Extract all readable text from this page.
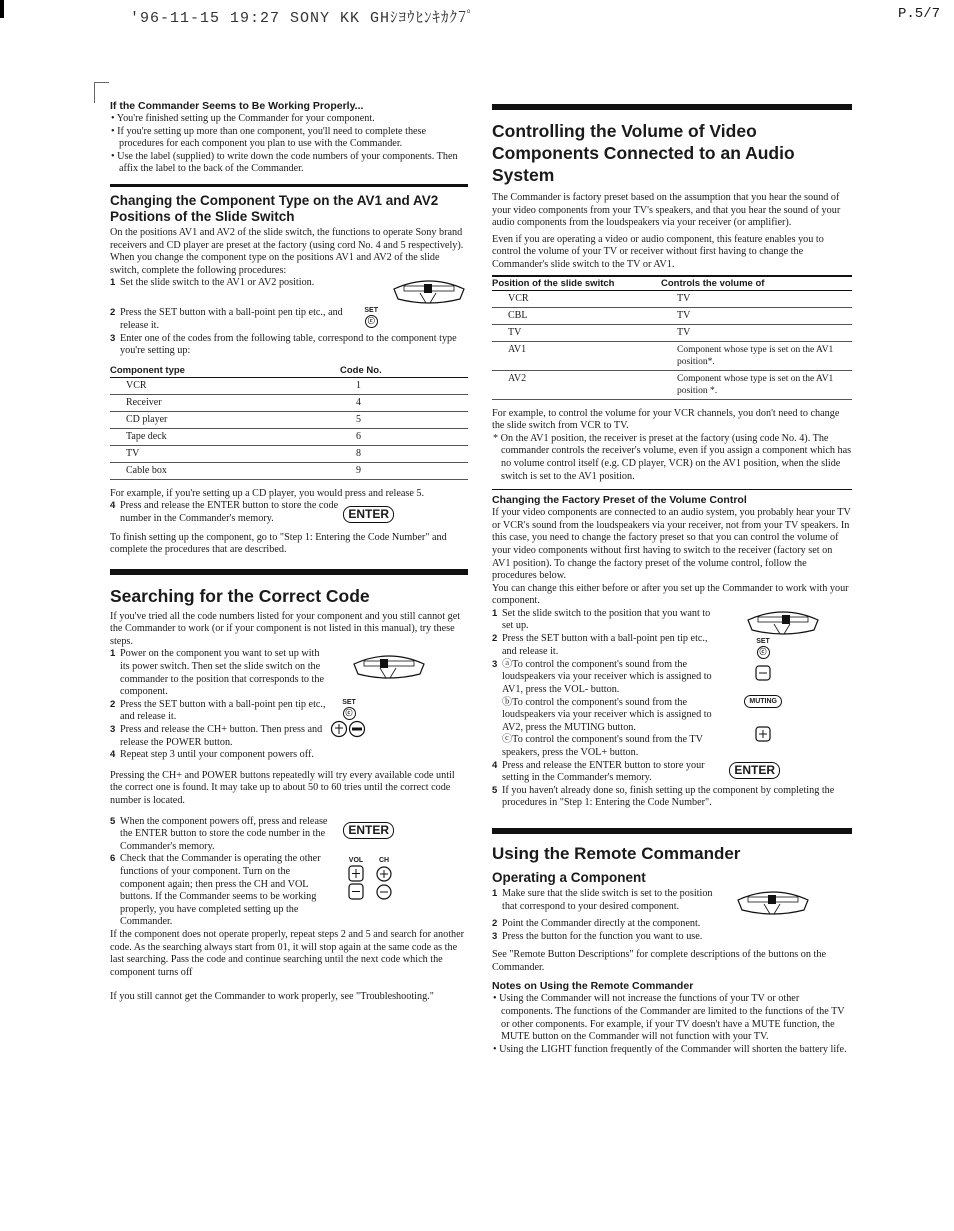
'96-11-15 19:27 SONY KK GHｼﾖｳﾋﾝｷｶｸ7ﾟ	P.5/7
If the Commander Seems to Be Working Properly...

• You're finished setting up the Commander for your component.

• If you're setting up more than one component, you'll need to complete these procedures for each component you plan to use with the Commander.

• Use the label (supplied) to write down the code numbers of your components. Then affix the label to the back of the Commander.

Changing the Component Type on the AV1 and AV2 Positions of the Slide Switch

On the positions AV1 and AV2 of the slide switch, the functions to operate Sony brand receivers and CD player are preset at the factory (using cord No. 4 and 5 respectively).

When you change the component type on the positions AV1 and AV2 of the slide switch, complete the following procedures:

1 Set the slide switch to the AV1 or AV2 position.
2 Press the SET button with a ball-point pen tip etc., and release it.
SET
ⓒ
3 Enter one of the codes from the following table, correspond to the component type you're setting up:
Component type	Code No.
VCR	1
Receiver	4
CD player	5
Tape deck	6
TV	8
Cable box	9

For example, if you're setting up a CD player, you would press and release 5.

4 Press and release the ENTER button to store the code number in the Commander's memory.	ENTER

To finish setting up the component, go to "Step 1: Entering the Code Number" and complete the procedures that are described.

Searching for the Correct Code

If you've tried all the code numbers listed for your component and you still cannot get the Commander to work (or if your component is not listed in this manual), try these steps.

1 Power on the component you want to set up with its power switch. Then set the slide switch on the commander to the position that corresponds to the component.
2 Press the SET button with a ball-point pen tip etc., and release it.
3 Press and release the CH+ button. Then press and release the POWER button.
SET
ⓒ
4 Repeat step 3 until your component powers off.

Pressing the CH+ and POWER buttons repeatedly will try every available code until the correct one is found. It may take up to about 50 to 60 tries until the correct code number is located.

5 When the component powers off, press and release the ENTER button to store the code number in the Commander's memory.
ENTER
6 Check that the Commander is operating the other functions of your component. Turn on the component again; then press the CH and VOL buttons. If the Commander seems to be working properly, you have completed setting up the Commander.
VOL CH

If the component does not operate properly, repeat steps 2 and 5 and search for another code. As the searching always start from 01, it will stop again at the same code as the last searching. Pass the code and continue searching until the next code which the component turns off

If you still cannot get the Commander to work properly, see "Troubleshooting."

Controlling the Volume of Video
Components Connected to an Audio System

The Commander is factory preset based on the assumption that you hear the sound of your video components from your TV's speakers, and that you hear the sound of your audio components from the loudspeakers via your receiver (or amplifier).

Even if you are operating a video or audio component, this feature enables you to control the volume of your TV or receiver without first having to change the Commander's slide switch to the TV or AV1.

Position of the slide switch	Controls the volume of
VCR	TV
CBL	TV
TV	TV
AV1	Component whose type is set on the AV1 position*.
AV2	Component whose type is set on the AV1 position *.

For example, to control the volume for your VCR channels, you don't need to change the slide switch from VCR to TV.

* On the AV1 position, the receiver is preset at the factory (using code No. 4). The commander controls the receiver's volume, even if you assign a component which has no volume control itself (e.g. CD player, VCR) on the AV1 position, when the slide switch is set to the AV1 position.

Changing the Factory Preset of the Volume Control

If your video components are connected to an audio system, you probably hear your TV or VCR's sound from the loudspeakers via your receiver, not from your TV speakers. In this case, you need to change the factory preset so that you can control the volume of your video components without first having to switch to the receiver (factory set on AV1 position). To change the factory preset of the volume control, follow the procedures below.

You can change this either before or after you set up the Commander to work with your component.

1 Set the slide switch to the position that you want to set up.
2 Press the SET button with a ball-point pen tip etc., and release it.
SET
ⓒ
3 ⓐTo control the component's sound from the loudspeakers via your receiver which is assigned to AV1, press the VOL- button.
ⓑTo control the component's sound from the loudspeakers via your receiver which is assigned to AV2, press the MUTING button.
ⓒTo control the component's sound from the TV speakers, press the VOL+ button.
MUTING
4 Press and release the ENTER button to store your setting in the Commander's memory.
ENTER
5 If you haven't already done so, finish setting up the component by completing the procedures in "Step 1: Entering the Code Number".
Using the Remote Commander
Operating a Component
1 Make sure that the slide switch is set to the position that correspond to your desired component.
2 Point the Commander directly at the component.
3 Press the button for the function you want to use.

See "Remote Button Descriptions" for complete descriptions of the buttons on the Commander.

Notes on Using the Remote Commander

• Using the Commander will not increase the functions of your TV or other components. The functions of the Commander are limited to the functions of the TV or other components. For example, if your TV doesn't have a MUTE function, the MUTE button on the Commander will not function with your TV.

• Using the LIGHT function frequently of the Commander will shorten the battery life.
